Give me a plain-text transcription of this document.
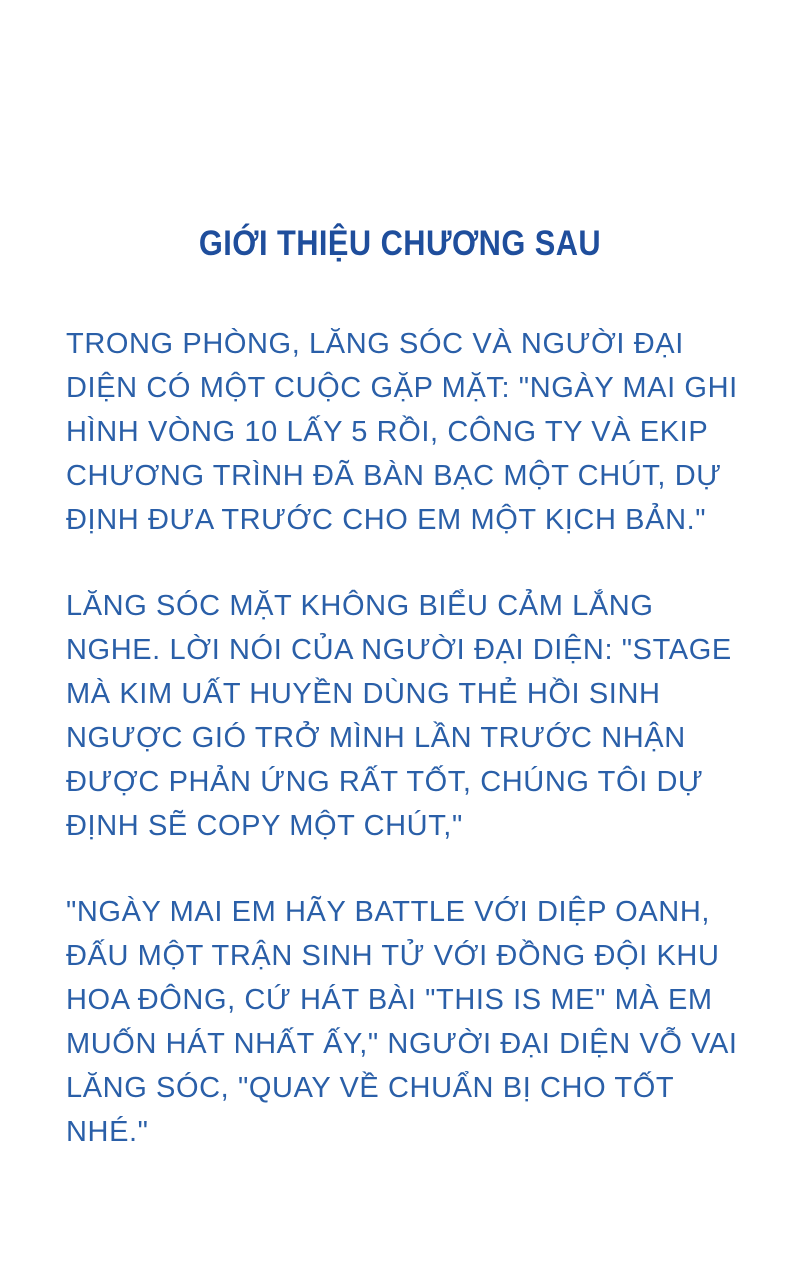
GIỚI THIỆU CHƯƠNG SAU

TRONG PHÒNG, LĂNG SÓC VÀ NGƯỜI ĐẠI DIỆN CÓ MỘT CUỘC GẶP MẶT: "NGÀY MAI GHI HÌNH VÒNG 10 LẤY 5 RỒI, CÔNG TY VÀ EKIP CHƯƠNG TRÌNH ĐÃ BÀN BẠC MỘT CHÚT, DỰ ĐỊNH ĐƯA TRƯỚC CHO EM MỘT KỊCH BẢN."

LĂNG SÓC MẶT KHÔNG BIỂU CẢM LẮNG NGHE. LỜI NÓI CỦA NGƯỜI ĐẠI DIỆN: "STAGE MÀ KIM UẤT HUYỀN DÙNG THẺ HỒI SINH NGƯỢC GIÓ TRỞ MÌNH LẦN TRƯỚC NHẬN ĐƯỢC PHẢN ỨNG RẤT TỐT, CHÚNG TÔI DỰ ĐỊNH SẼ COPY MỘT CHÚT,"

"NGÀY MAI EM HÃY BATTLE VỚI DIỆP OANH, ĐẤU MỘT TRẬN SINH TỬ VỚI ĐỒNG ĐỘI KHU HOA ĐÔNG, CỨ HÁT BÀI "THIS IS ME" MÀ EM MUỐN HÁT NHẤT ẤY," NGƯỜI ĐẠI DIỆN VỖ VAI LĂNG SÓC, "QUAY VỀ CHUẨN BỊ CHO TỐT NHÉ."
